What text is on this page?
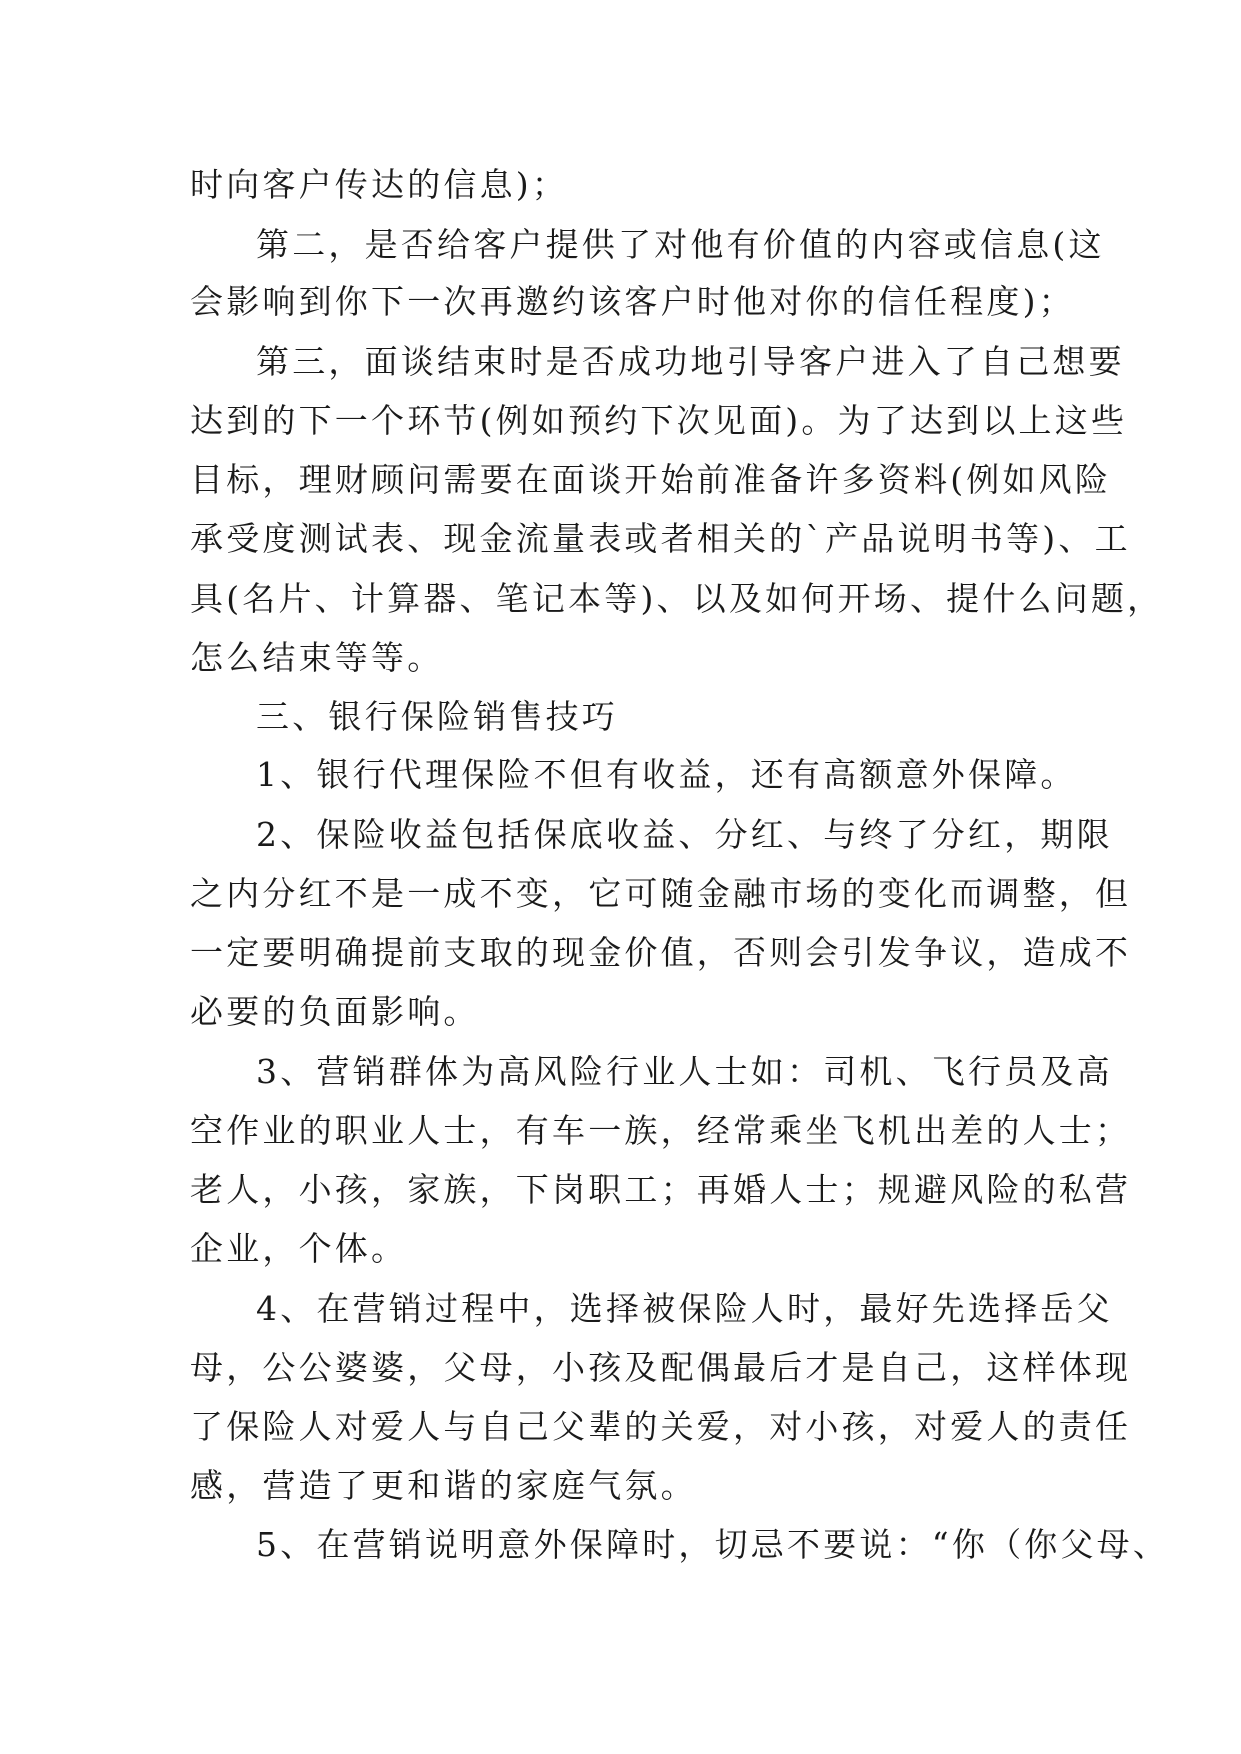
时向客户传达的信息)；
第二，是否给客户提供了对他有价值的内容或信息(这
会影响到你下一次再邀约该客户时他对你的信任程度)；
第三，面谈结束时是否成功地引导客户进入了自己想要
达到的下一个环节(例如预约下次见面)。为了达到以上这些
目标，理财顾问需要在面谈开始前准备许多资料(例如风险
承受度测试表、现金流量表或者相关的`产品说明书等)、工
具(名片、计算器、笔记本等)、以及如何开场、提什么问题，
怎么结束等等。
三、银行保险销售技巧
1、银行代理保险不但有收益，还有高额意外保障。
2、保险收益包括保底收益、分红、与终了分红，期限
之内分红不是一成不变，它可随金融市场的变化而调整，但
一定要明确提前支取的现金价值，否则会引发争议，造成不
必要的负面影响。
3、营销群体为高风险行业人士如：司机、飞行员及高
空作业的职业人士，有车一族，经常乘坐飞机出差的人士；
老人，小孩，家族，下岗职工；再婚人士；规避风险的私营
企业，个体。
4、在营销过程中，选择被保险人时，最好先选择岳父
母，公公婆婆，父母，小孩及配偶最后才是自己，这样体现
了保险人对爱人与自己父辈的关爱，对小孩，对爱人的责任
感，营造了更和谐的家庭气氛。
5、在营销说明意外保障时，切忌不要说：“你（你父母、
